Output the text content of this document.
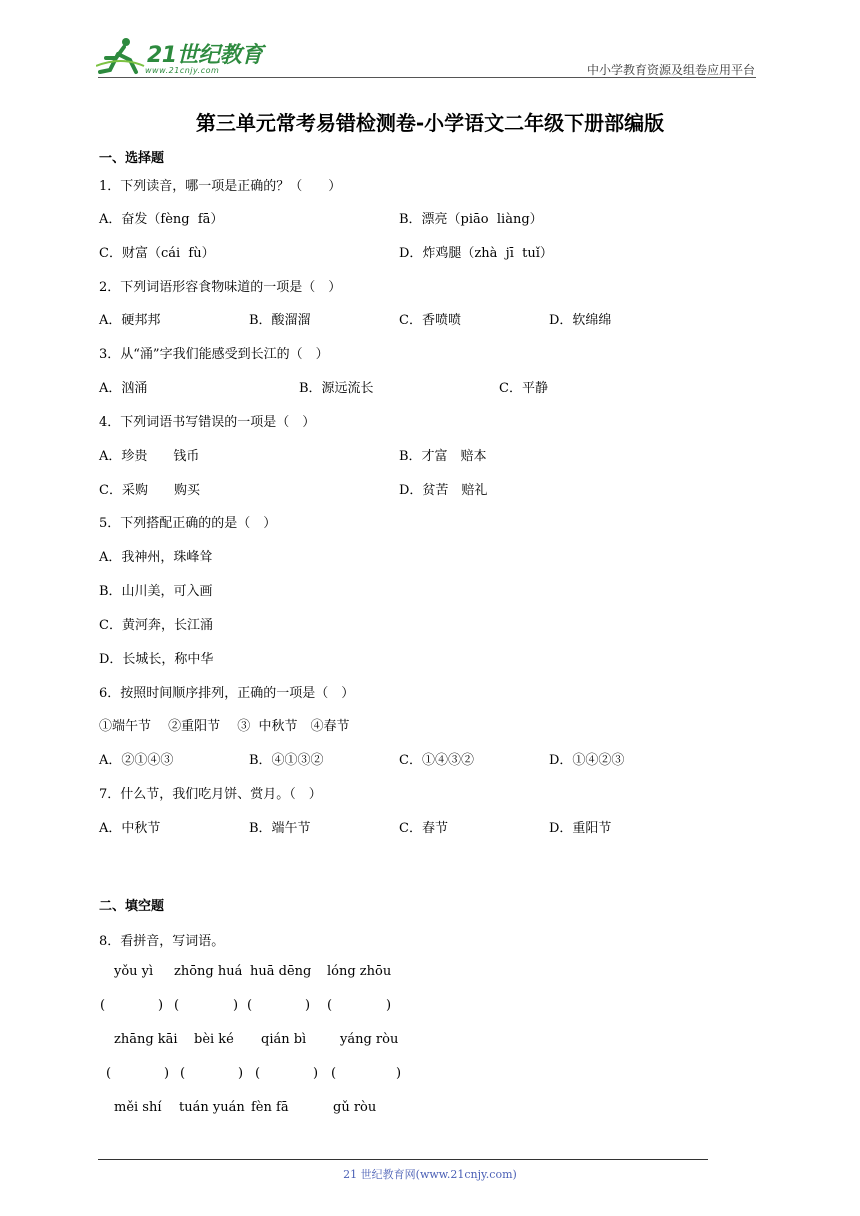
21世纪教育
www.21cnjy.com	中小学教育资源及组卷应用平台
第三单元常考易错检测卷-小学语文二年级下册部编版
一、选择题
1．下列读音，哪一项是正确的？（　　）
A．奋发（fèng  fā）	B．漂亮（piāo  liàng）
C．财富（cái  fù）	D．炸鸡腿（zhà  jī  tuǐ）
2．下列词语形容食物味道的一项是（　）
A．硬邦邦	B．酸溜溜	C．香喷喷	D．软绵绵
3．从“涌”字我们能感受到长江的（　）
A．汹涌	B．源远流长	C．平静
4．下列词语书写错误的一项是（　）
A．珍贵　　钱币	B．才富　赔本
C．采购　　购买	D．贫苦　赔礼
5．下列搭配正确的的是（　）
A．我神州，珠峰耸
B．山川美，可入画
C．黄河奔，长江涌
D．长城长，称中华
6．按照时间顺序排列，正确的一项是（　）
①端午节　 ②重阳节　 ③  中秋节　④春节
A．②①④③	B．④①③②	C．①④③②	D．①④②③
7．什么节，我们吃月饼、赏月。（　）
A．中秋节	B．端午节	C．春节	D．重阳节
二、填空题
8．看拼音，写词语。
yǒu yì zhōng huá huā dēng lóng zhōu
(	) (	) (	) (	)
zhāng kāi bèi ké qián bì	yáng ròu
(	) (	) (	) (	)
měi shí tuán yuán fèn fā	gǔ ròu
21 世纪教育网(www.21cnjy.com)
